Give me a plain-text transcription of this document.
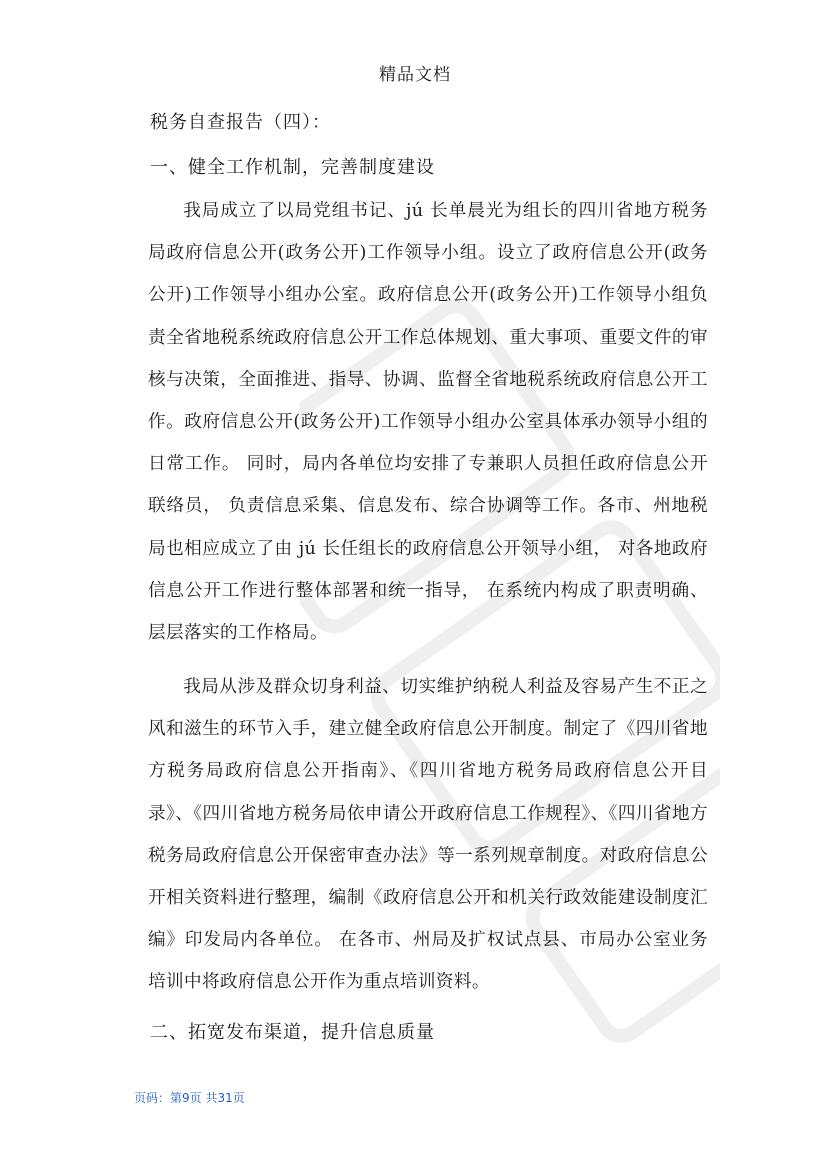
精品文档
税务自查报告（四）：
一、健全工作机制，完善制度建设

我局成立了以局党组书记、jú 长单晨光为组长的四川省地方税务局政府信息公开(政务公开)工作领导小组。设立了政府信息公开(政务公开)工作领导小组办公室。政府信息公开(政务公开)工作领导小组负责全省地税系统政府信息公开工作总体规划、重大事项、重要文件的审核与决策，全面推进、指导、协调、监督全省地税系统政府信息公开工作。政府信息公开(政务公开)工作领导小组办公室具体承办领导小组的日常工作。 同时，局内各单位均安排了专兼职人员担任政府信息公开联络员， 负责信息采集、信息发布、综合协调等工作。各市、州地税局也相应成立了由 jú 长任组长的政府信息公开领导小组， 对各地政府信息公开工作进行整体部署和统一指导， 在系统内构成了职责明确、层层落实的工作格局。

我局从涉及群众切身利益、切实维护纳税人利益及容易产生不正之风和滋生的环节入手，建立健全政府信息公开制度。制定了《四川省地方税务局政府信息公开指南》、《四川省地方税务局政府信息公开目录》、《四川省地方税务局依申请公开政府信息工作规程》、《四川省地方税务局政府信息公开保密审查办法》等一系列规章制度。对政府信息公开相关资料进行整理，编制《政府信息公开和机关行政效能建设制度汇编》印发局内各单位。 在各市、州局及扩权试点县、市局办公室业务培训中将政府信息公开作为重点培训资料。

二、拓宽发布渠道，提升信息质量
页码：第9页 共31页
